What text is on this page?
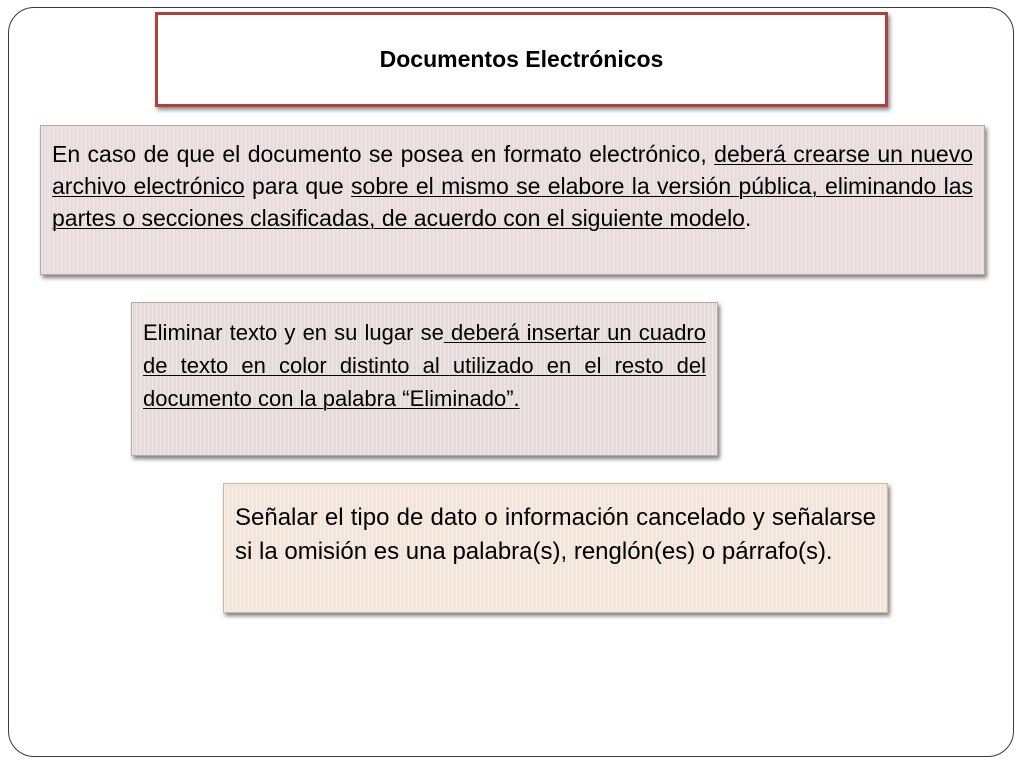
Documentos Electrónicos
En caso de que el documento se posea en formato electrónico, deberá crearse un nuevo archivo electrónico para que sobre el mismo se elabore la versión pública, eliminando las partes o secciones clasificadas, de acuerdo con el siguiente modelo.
Eliminar texto y en su lugar se deberá insertar un cuadro de texto en color distinto al utilizado en el resto del documento con la palabra “Eliminado”.
Señalar el tipo de dato o información cancelado y señalarse si la omisión es una palabra(s), renglón(es) o párrafo(s).
